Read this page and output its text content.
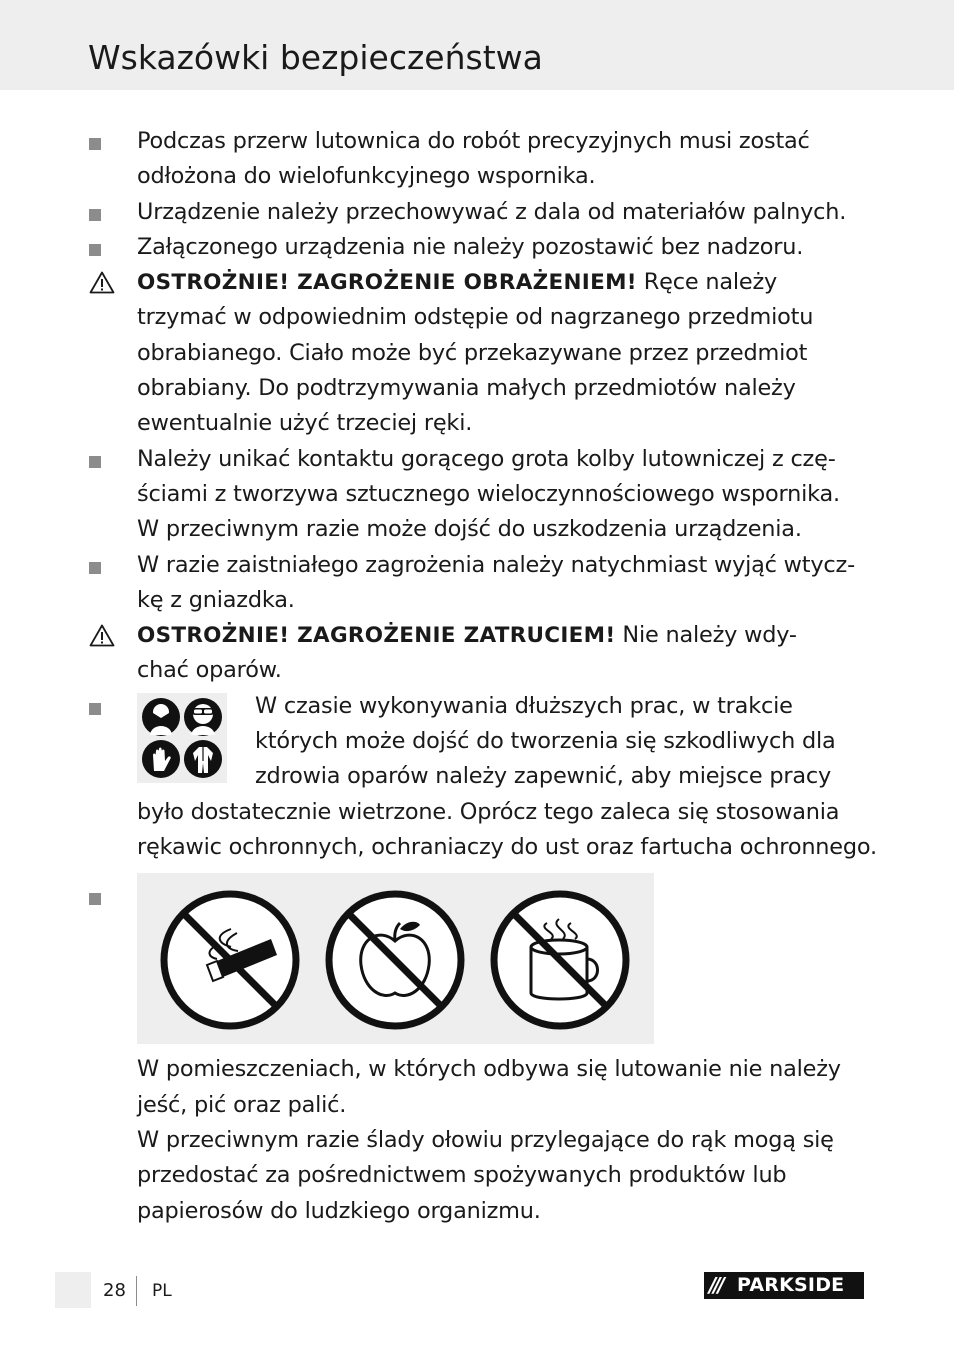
Wskazówki bezpieczeństwa
Podczas przerw lutownica do robót precyzyjnych musi zostać
odłożona do wielofunkcyjnego wspornika.
Urządzenie należy przechowywać z dala od materiałów palnych.
Załączonego urządzenia nie należy pozostawić bez nadzoru.
OSTROŻNIE! ZAGROŻENIE OBRAŻENIEM! Ręce należy
trzymać w odpowiednim odstępie od nagrzanego przedmiotu
obrabianego. Ciało może być przekazywane przez przedmiot
obrabiany. Do podtrzymywania małych przedmiotów należy
ewentualnie użyć trzeciej ręki.
Należy unikać kontaktu gorącego grota kolby lutowniczej z czę-
ściami z tworzywa sztucznego wieloczynnościowego wspornika.
W przeciwnym razie może dojść do uszkodzenia urządzenia.
W razie zaistniałego zagrożenia należy natychmiast wyjąć wtycz-
kę z gniazdka.
OSTROŻNIE! ZAGROŻENIE ZATRUCIEM! Nie należy wdy-
chać oparów.
W czasie wykonywania dłuższych prac, w trakcie
których może dojść do tworzenia się szkodliwych dla
zdrowia oparów należy zapewnić, aby miejsce pracy
było dostatecznie wietrzone. Oprócz tego zaleca się stosowania
rękawic ochronnych, ochraniaczy do ust oraz fartucha ochronnego.
W pomieszczeniach, w których odbywa się lutowanie nie należy
jeść, pić oraz palić.
W przeciwnym razie ślady ołowiu przylegające do rąk mogą się
przedostać za pośrednictwem spożywanych produktów lub
papierosów do ludzkiego organizmu.
28 PL	/// PARKSIDE
